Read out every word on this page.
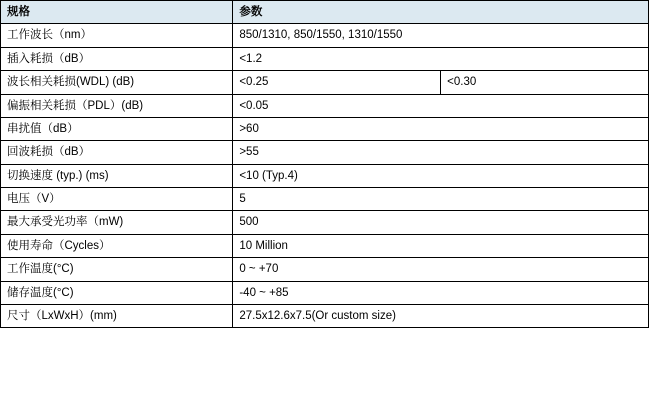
规格	参数	
工作波长（nm）	850/1310, 850/1550, 1310/1550	
插入耗损（dB）	<1.2	
波长相关耗损(WDL) (dB)	<0.25	<0.30
偏振相关耗损（PDL）(dB)	<0.05	
串扰值（dB）	>60	
回波耗损（dB）	>55	
切换速度 (typ.) (ms)	<10 (Typ.4)	
电压（V）	5	
最大承受光功率（mW)	500	
使用寿命（Cycles）	10 Million	
工作温度(°C)	0 ~ +70	
储存温度(°C)	-40 ~ +85	
尺寸（LxWxH）(mm)	27.5x12.6x7.5(Or custom size)	
